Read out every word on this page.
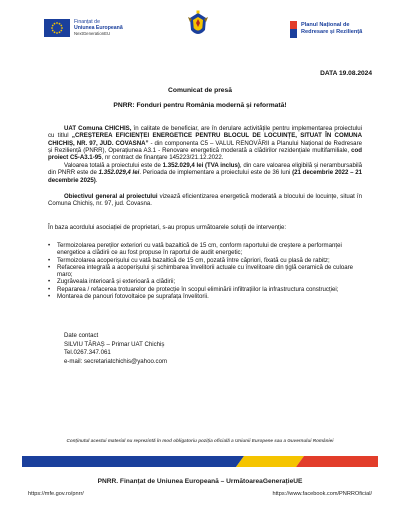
Finanțat de
Uniunea Europeană
NextGenerationEU
Planul Național de
Redresare și Reziliență
DATA 19.08.2024
Comunicat de presă
PNRR: Fonduri pentru România modernă și reformată!
UAT Comuna CHICHIS, în calitate de beneficiar, are în derulare activitățile pentru implementarea proiectului cu titlul „CREȘTEREA EFICIENȚEI ENERGETICE PENTRU BLOCUL DE LOCUINȚE, SITUAT ÎN COMUNA CHICHIȘ, NR. 97, JUD. COVASNA” - din componenta C5 – VALUL RENOVĂRII a Planului Național de Redresare și Reziliență (PNRR), Operațiunea A3.1 - Renovare energetică moderată a clădirilor rezidențiale multifamiliale, cod proiect C5-A3.1-95, nr contract de finanțare 145223/21.12.2022.
Valoarea totală a proiectului este de 1.352.029,4 lei (TVA inclus), din care valoarea eligibilă și nerambursabilă din PNRR este de 1.352.029,4 lei. Perioada de implementare a proiectului este de 36 luni (21 decembrie 2022 – 21 decembrie 2025).
Obiectivul general al proiectului vizează eficientizarea energetică moderată a blocului de locuințe, situat în Comuna Chichiș, nr. 97, jud. Covasna.
În baza acordului asociației de proprietari, s-au propus următoarele soluții de intervenție:
• Termoizolarea pereților exteriori cu vată bazaltică de 15 cm, conform raportului de creștere a performanței energetice a clădirii ce au fost propuse în raportul de audit energetic;
• Termoizolarea acoperișului cu vată bazaltică de 15 cm, pozată între căpriori, fixată cu plasă de rabitz;
• Refacerea integrală a acoperișului și schimbarea învelitorii actuale cu învelitoare din țiglă ceramică de culoare maro;
• Zugrăveala interioară și exterioară a clădirii;
• Repararea / refacerea trotuarelor de protecție în scopul eliminării infiltrațiilor la infrastructura construcției;
• Montarea de panouri fotovoltaice pe suprafața învelitorii.
Date contact
SILVIU TĂRAȘ – Primar UAT Chichiș
Tel.0267.347.061
e-mail: secretariatchichis@yahoo.com
Conținutul acestui material nu reprezintă în mod obligatoriu poziția oficială a Uniunii Europene sau a Guvernului României
PNRR. Finanțat de Uniunea Europeană – UrmătoareaGenerațieUE
https://mfe.gov.ro/pnrr/	https://www.facebook.com/PNRROficial/
